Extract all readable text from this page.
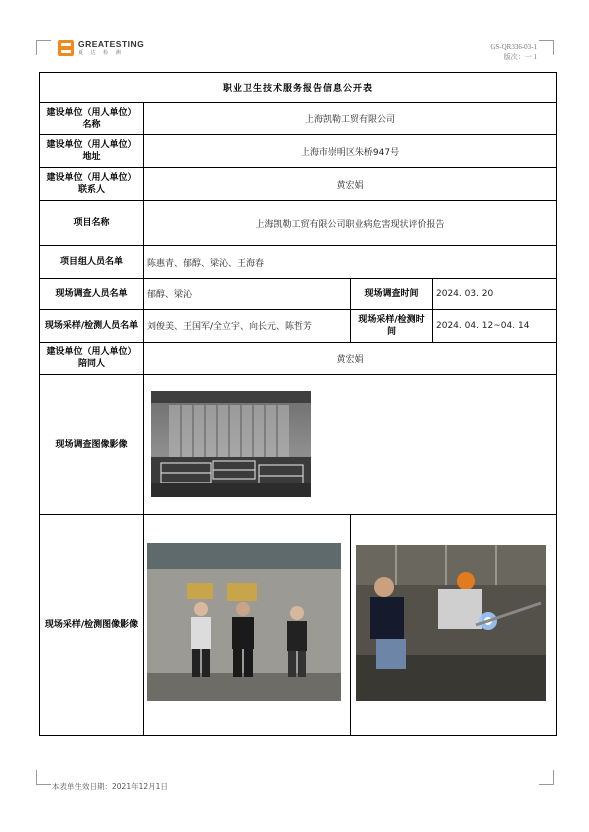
GREATESTING
夏 达 检 测
GS-QR336-03-1
版次：一 1
职业卫生技术服务报告信息公开表			
建设单位（用人单位）名称	上海凯勒工贸有限公司		
建设单位（用人单位）地址	上海市崇明区朱桥947号		
建设单位（用人单位）联系人	黄宏娟		
项目名称	上海凯勒工贸有限公司职业病危害现状评价报告		
项目组人员名单	陈惠青、郁醇、梁沁、王海春		
现场调查人员名单	郁醇、梁沁	现场调查时间	2024. 03. 20
现场采样/检测人员名单	刘俊美、王国军/全立宇、向长元、陈哲芳	现场采样/检测时间	2024. 04. 12~04. 14
建设单位（用人单位）陪同人	黄宏娟		
现场调查图像影像	

现场采样/检测图像影像	

本表单生效日期：2021年12月1日
